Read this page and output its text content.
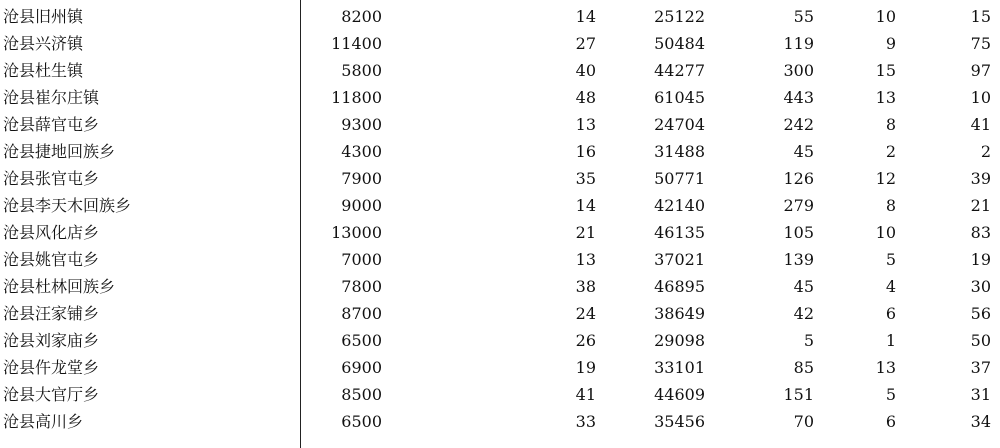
沧县旧州镇	8200	14	25122	55	10	15
沧县兴济镇	11400	27	50484	119	9	75
沧县杜生镇	5800	40	44277	300	15	97
沧县崔尔庄镇	11800	48	61045	443	13	10
沧县薛官屯乡	9300	13	24704	242	8	41
沧县捷地回族乡	4300	16	31488	45	2	2
沧县张官屯乡	7900	35	50771	126	12	39
沧县李天木回族乡	9000	14	42140	279	8	21
沧县风化店乡	13000	21	46135	105	10	83
沧县姚官屯乡	7000	13	37021	139	5	19
沧县杜林回族乡	7800	38	46895	45	4	30
沧县汪家铺乡	8700	24	38649	42	6	56
沧县刘家庙乡	6500	26	29098	5	1	50
沧县仵龙堂乡	6900	19	33101	85	13	37
沧县大官厅乡	8500	41	44609	151	5	31
沧县高川乡	6500	33	35456	70	6	34
